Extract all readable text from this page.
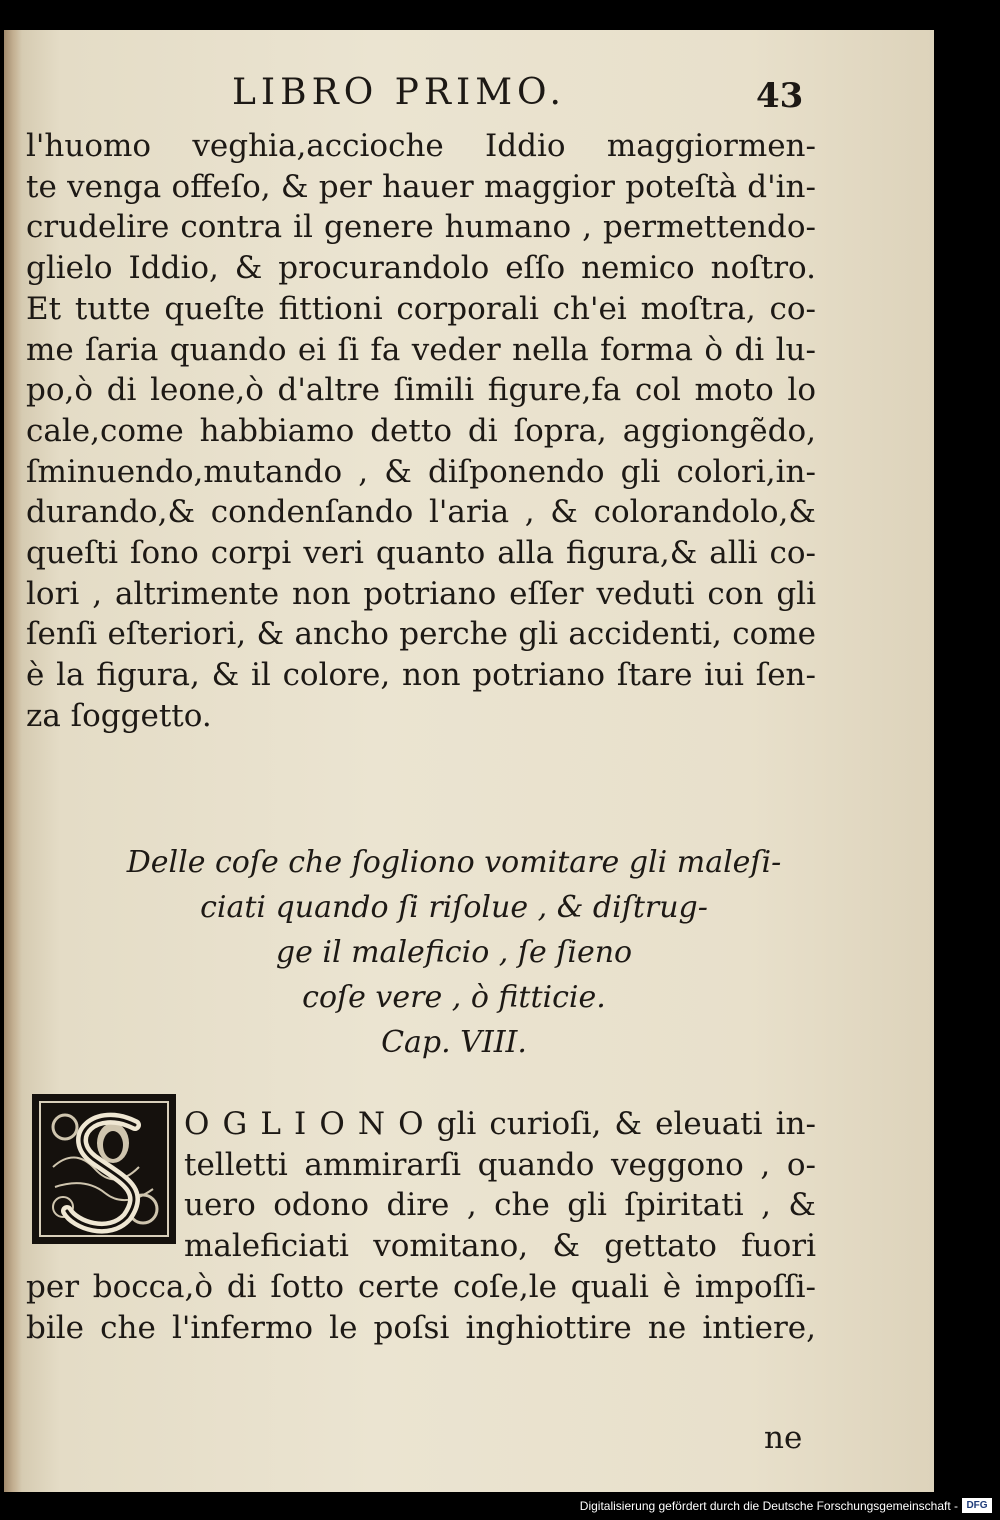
LIBRO PRIMO.	43
l'huomo veghia,accioche Iddio maggiormen-
te venga offeſo, & per hauer maggior poteſtà d'in-
crudelire contra il genere humano , permettendo-
glielo Iddio, & procurandolo eſſo nemico noſtro.
Et tutte queſte fittioni corporali ch'ei moſtra, co-
me ſaria quando ei ſi fa veder nella forma ò di lu-
po,ò di leone,ò d'altre ſimili figure,fa col moto lo
cale,come habbiamo detto di ſopra, aggiongẽdo,
ſminuendo,mutando , & diſponendo gli colori,in-
durando,& condenſando l'aria , & colorandolo,&
queſti ſono corpi veri quanto alla figura,& alli co-
lori , altrimente non potriano eſſer veduti con gli
ſenſi eſteriori, & ancho perche gli accidenti, come
è la figura, & il colore, non potriano ſtare iui ſen-
za ſoggetto.
Delle coſe che ſogliono vomitare gli maleſi-
ciati quando ſi riſolue , & diſtrug-
ge il maleficio , ſe ſieno
coſe vere , ò fitticie.
Cap. VIII.
O G L I O N O gli curioſi, & eleuati in-
telletti ammirarſi quando veggono , o-
uero odono dire , che gli ſpiritati , &
maleficiati vomitano, & gettato fuori
per bocca,ò di ſotto certe coſe,le quali è impoſſi-
bile che l'infermo le poſsi inghiottire ne intiere,
ne
Digitalisierung gefördert durch die Deutsche Forschungsgemeinschaft - DFG
